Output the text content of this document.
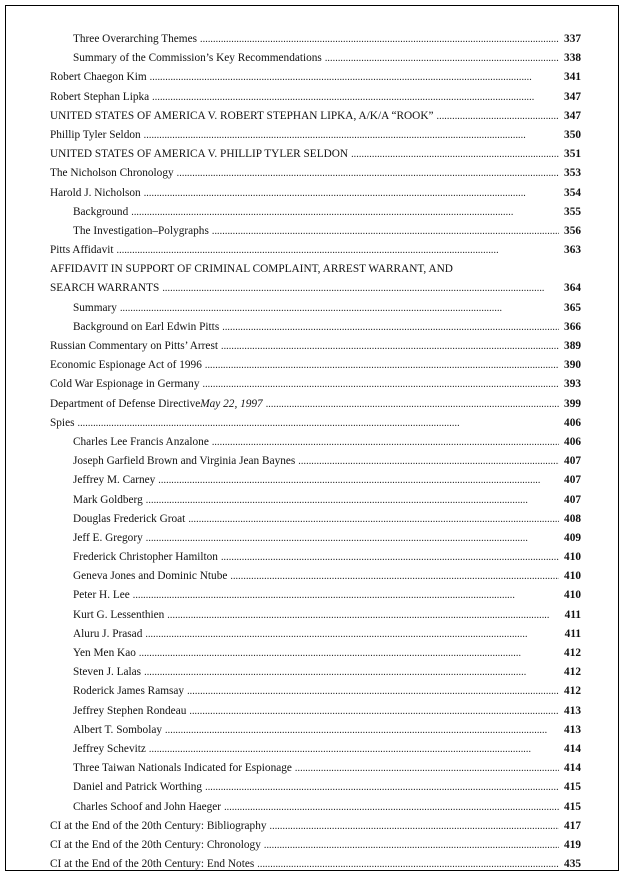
Three Overarching Themes . . .	337
Summary of the Commission’s Key Recommendations . . .	338
Robert Chaegon Kim . . .	341
Robert Stephan Lipka . . .	347
UNITED STATES OF AMERICA V. ROBERT STEPHAN LIPKA, A/K/A “ROOK” . . .	347
Phillip Tyler Seldon . . .	350
UNITED STATES OF AMERICA V. PHILLIP TYLER SELDON . . .	351
The Nicholson Chronology . . .	353
Harold J. Nicholson . . .	354
Background . . .	355
The Investigation–Polygraphs . . .	356
Pitts Affidavit . . .	363
AFFIDAVIT IN SUPPORT OF CRIMINAL COMPLAINT, ARREST WARRANT, AND
SEARCH WARRANTS . . .	364
Summary . . .	365
Background on Earl Edwin Pitts . . .	366
Russian Commentary on Pitts’ Arrest . . .	389
Economic Espionage Act of 1996 . . .	390
Cold War Espionage in Germany . . .	393
Department of Defense Directive May 22, 1997 . . .	399
Spies . . .	406
Charles Lee Francis Anzalone . . .	406
Joseph Garfield Brown and Virginia Jean Baynes . . .	407
Jeffrey M. Carney . . .	407
Mark Goldberg . . .	407
Douglas Frederick Groat . . .	408
Jeff E. Gregory . . .	409
Frederick Christopher Hamilton . . .	410
Geneva Jones and Dominic Ntube . . .	410
Peter H. Lee . . .	410
Kurt G. Lessenthien . . .	411
Aluru J. Prasad . . .	411
Yen Men Kao . . .	412
Steven J. Lalas . . .	412
Roderick James Ramsay . . .	412
Jeffrey Stephen Rondeau . . .	413
Albert T. Sombolay . . .	413
Jeffrey Schevitz . . .	414
Three Taiwan Nationals Indicated for Espionage . . .	414
Daniel and Patrick Worthing . . .	415
Charles Schoof and John Haeger . . .	415
CI at the End of the 20th Century: Bibliography . . .	417
CI at the End of the 20th Century: Chronology . . .	419
CI at the End of the 20th Century: End Notes . . .	435
